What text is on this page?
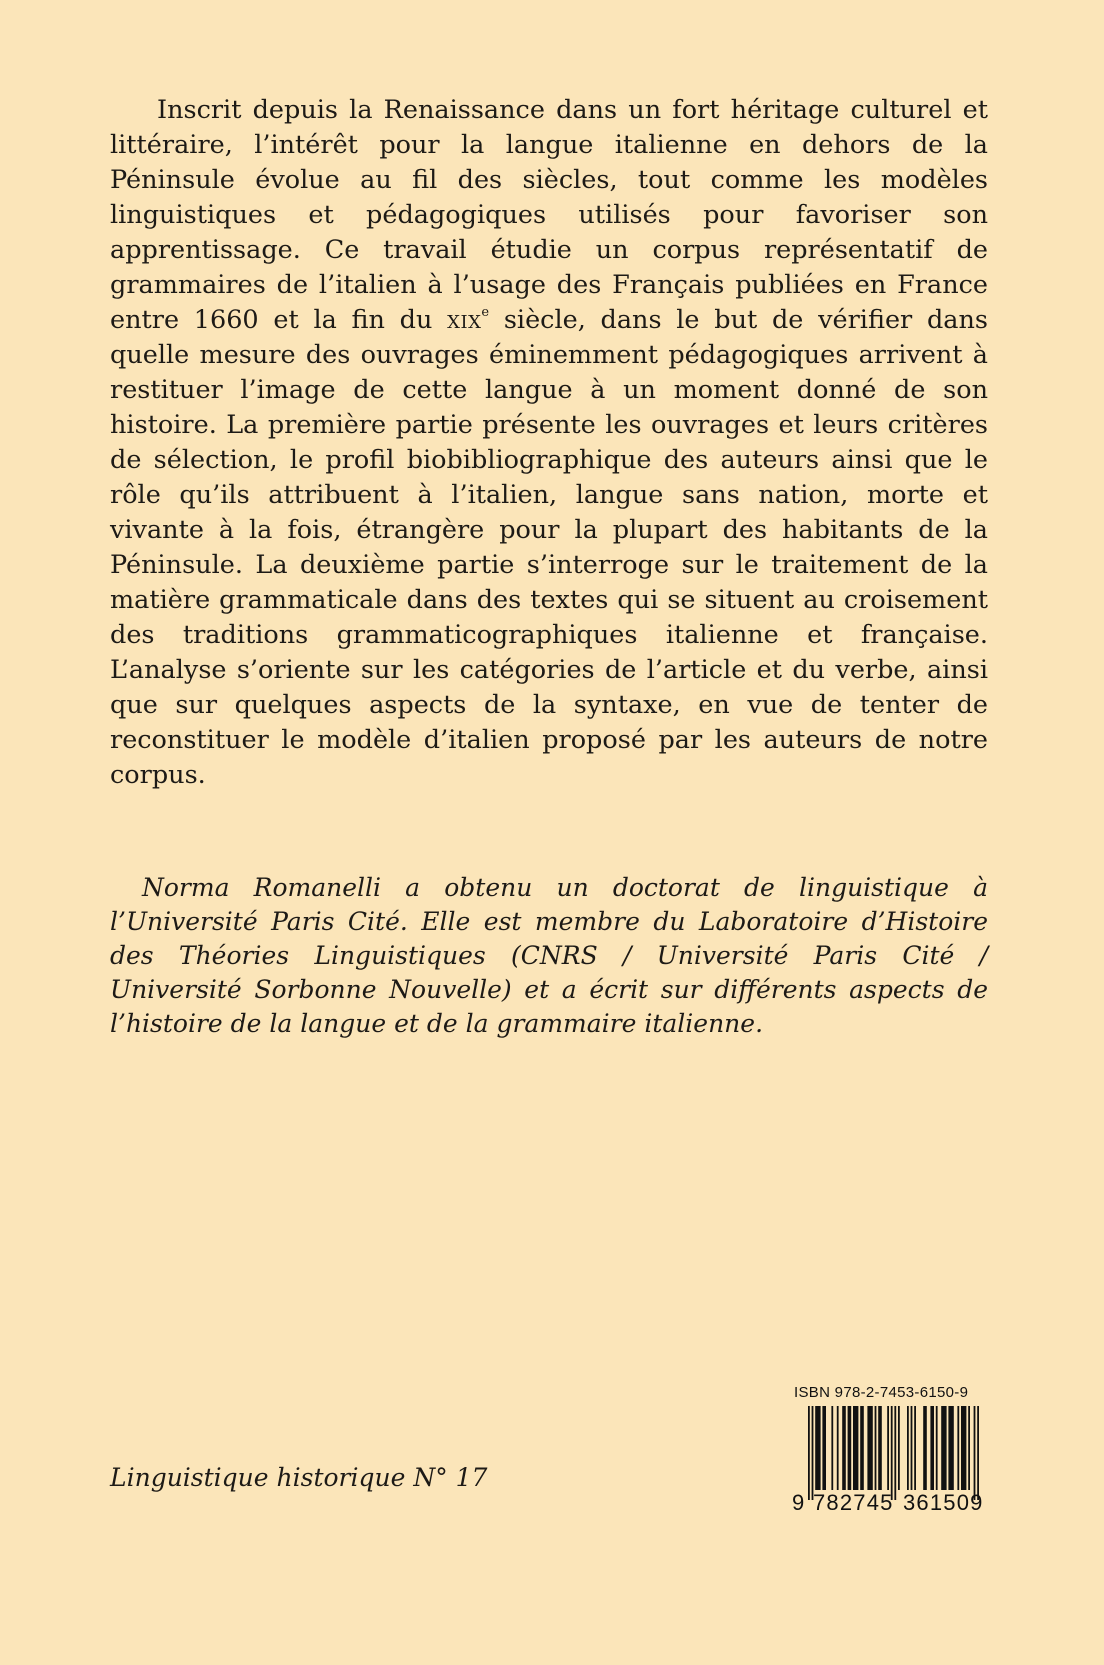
Inscrit depuis la Renaissance dans un fort héritage culturel et littéraire, l’intérêt pour la langue italienne en dehors de la Péninsule évolue au fil des siècles, tout comme les modèles linguistiques et pédagogiques utilisés pour favoriser son apprentissage. Ce travail étudie un corpus représentatif de grammaires de l’italien à l’usage des Français publiées en France entre 1660 et la fin du xix$^e$ siècle, dans le but de vérifier dans quelle mesure des ouvrages éminemment pédagogiques arrivent à restituer l’image de cette langue à un moment donné de son histoire. La première partie présente les ouvrages et leurs critères de sélection, le profil biobibliographique des auteurs ainsi que le rôle qu’ils attribuent à l’italien, langue sans nation, morte et vivante à la fois, étrangère pour la plupart des habitants de la Péninsule. La deuxième partie s’interroge sur le traitement de la matière grammaticale dans des textes qui se situent au croisement des traditions grammaticographiques italienne et française. L’analyse s’oriente sur les catégories de l’article et du verbe, ainsi que sur quelques aspects de la syntaxe, en vue de tenter de reconstituer le modèle d’italien proposé par les auteurs de notre corpus.

Norma Romanelli a obtenu un doctorat de linguistique à l’Université Paris Cité. Elle est membre du Laboratoire d’Histoire des Théories Linguistiques (CNRS / Université Paris Cité / Université Sorbonne Nouvelle) et a écrit sur différents aspects de l’histoire de la langue et de la grammaire italienne.

Linguistique historique N° 17
ISBN 978-2-7453-6150-9
9 782745 361509
